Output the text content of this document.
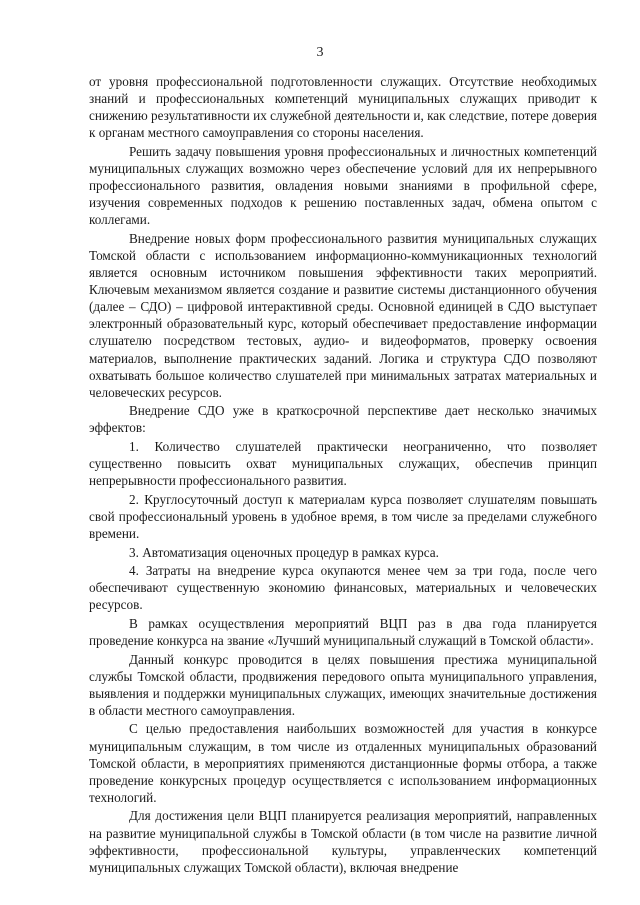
3

от уровня профессиональной подготовленности служащих. Отсутствие необходимых знаний и профессиональных компетенций муниципальных служащих приводит к снижению результативности их служебной деятельности и, как следствие, потере доверия к органам местного самоуправления со стороны населения.

Решить задачу повышения уровня профессиональных и личностных компетенций муниципальных служащих возможно через обеспечение условий для их непрерывного профессионального развития, овладения новыми знаниями в профильной сфере, изучения современных подходов к решению поставленных задач, обмена опытом с коллегами.

Внедрение новых форм профессионального развития муниципальных служащих Томской области с использованием информационно-коммуникационных технологий является основным источником повышения эффективности таких мероприятий. Ключевым механизмом является создание и развитие системы дистанционного обучения (далее – СДО) – цифровой интерактивной среды. Основной единицей в СДО выступает электронный образовательный курс, который обеспечивает предоставление информации слушателю посредством тестовых, аудио- и видеоформатов, проверку освоения материалов, выполнение практических заданий. Логика и структура СДО позволяют охватывать большое количество слушателей при минимальных затратах материальных и человеческих ресурсов.

Внедрение СДО уже в краткосрочной перспективе дает несколько значимых эффектов:

1. Количество слушателей практически неограниченно, что позволяет существенно повысить охват муниципальных служащих, обеспечив принцип непрерывности профессионального развития.

2. Круглосуточный доступ к материалам курса позволяет слушателям повышать свой профессиональный уровень в удобное время, в том числе за пределами служебного времени.

3. Автоматизация оценочных процедур в рамках курса.

4. Затраты на внедрение курса окупаются менее чем за три года, после чего обеспечивают существенную экономию финансовых, материальных и человеческих ресурсов.

В рамках осуществления мероприятий ВЦП раз в два года планируется проведение конкурса на звание «Лучший муниципальный служащий в Томской области».

Данный конкурс проводится в целях повышения престижа муниципальной службы Томской области, продвижения передового опыта муниципального управления, выявления и поддержки муниципальных служащих, имеющих значительные достижения в области местного самоуправления.

С целью предоставления наибольших возможностей для участия в конкурсе муниципальным служащим, в том числе из отдаленных муниципальных образований Томской области, в мероприятиях применяются дистанционные формы отбора, а также проведение конкурсных процедур осуществляется с использованием информационных технологий.

Для достижения цели ВЦП планируется реализация мероприятий, направленных на развитие муниципальной службы в Томской области (в том числе на развитие личной эффективности, профессиональной культуры, управленческих компетенций муниципальных служащих Томской области), включая внедрение
